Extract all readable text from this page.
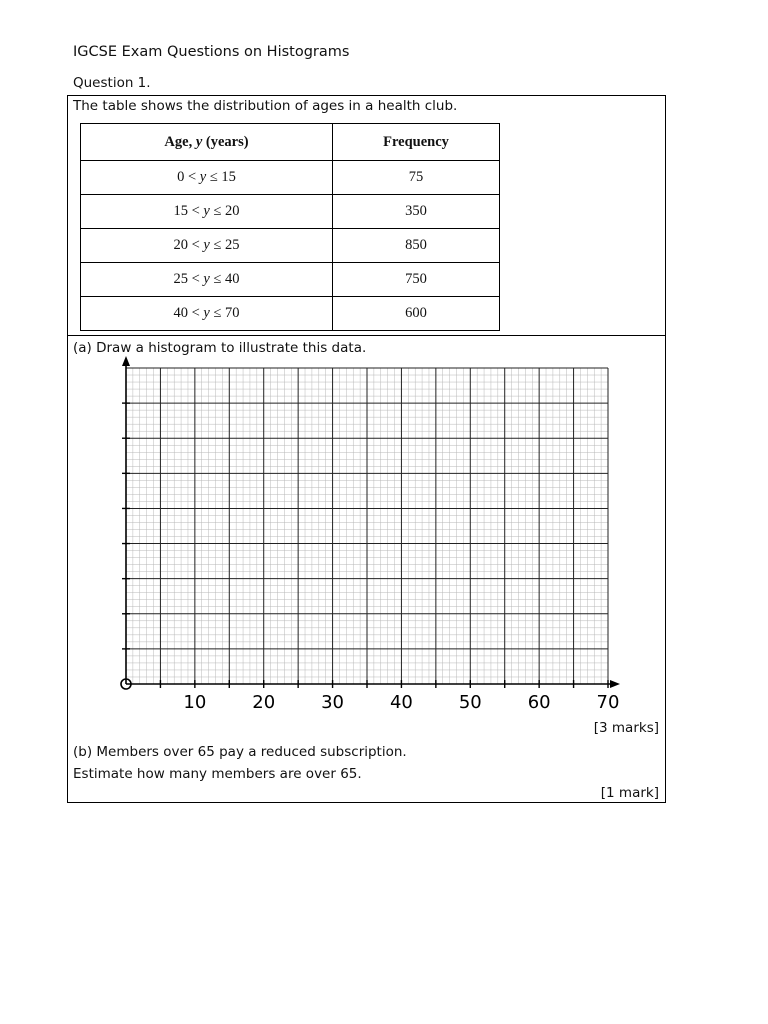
IGCSE Exam Questions on Histograms
Question 1.
The table shows the distribution of ages in a health club.
Age, y (years)	Frequency
0 < y ≤ 15	75
15 < y ≤ 20	350
20 < y ≤ 25	850
25 < y ≤ 40	750
40 < y ≤ 70	600
(a) Draw a histogram to illustrate this data.
10	20	30	40	50	60	70
[3 marks]
(b) Members over 65 pay a reduced subscription.
Estimate how many members are over 65.
[1 mark]
